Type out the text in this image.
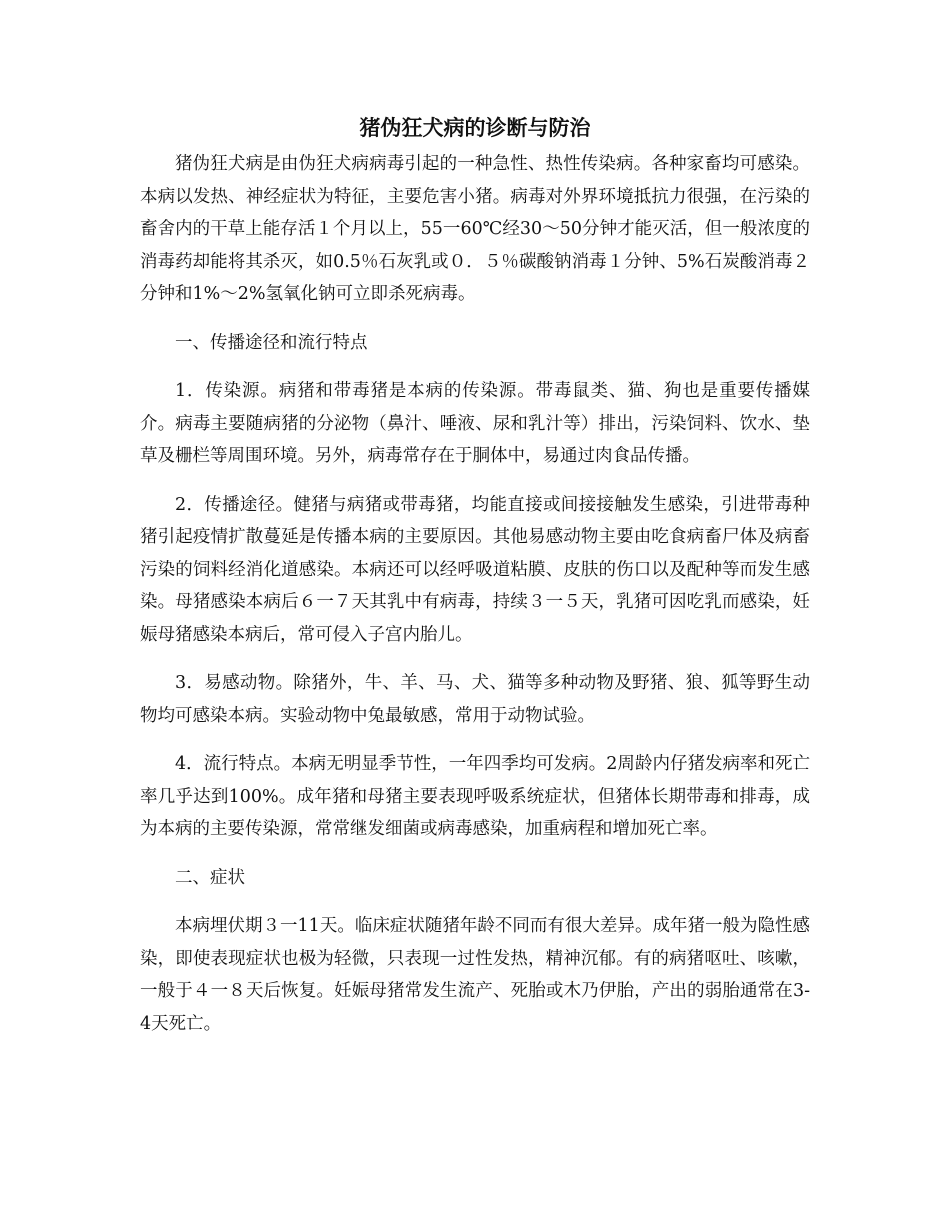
猪伪狂犬病的诊断与防治

猪伪狂犬病是由伪狂犬病病毒引起的一种急性、热性传染病。各种家畜均可感染。本病以发热、神经症状为特征，主要危害小猪。病毒对外界环境抵抗力很强，在污染的畜舍内的干草上能存活１个月以上，55一60℃经30～50分钟才能灭活，但一般浓度的消毒药却能将其杀灭，如0.5％石灰乳或０．５％碳酸钠消毒１分钟、5%石炭酸消毒２分钟和1%～2%氢氧化钠可立即杀死病毒。

一、传播途径和流行特点

1．传染源。病猪和带毒猪是本病的传染源。带毒鼠类、猫、狗也是重要传播媒介。病毒主要随病猪的分泌物（鼻汁、唾液、尿和乳汁等）排出，污染饲料、饮水、垫草及栅栏等周围环境。另外，病毒常存在于胴体中，易通过肉食品传播。

2．传播途径。健猪与病猪或带毒猪，均能直接或间接接触发生感染，引进带毒种猪引起疫情扩散蔓延是传播本病的主要原因。其他易感动物主要由吃食病畜尸体及病畜污染的饲料经消化道感染。本病还可以经呼吸道粘膜、皮肤的伤口以及配种等而发生感染。母猪感染本病后６一７天其乳中有病毒，持续３一５天，乳猪可因吃乳而感染，妊娠母猪感染本病后，常可侵入子宫内胎儿。

3．易感动物。除猪外，牛、羊、马、犬、猫等多种动物及野猪、狼、狐等野生动物均可感染本病。实验动物中兔最敏感，常用于动物试验。

4．流行特点。本病无明显季节性，一年四季均可发病。2周龄内仔猪发病率和死亡率几乎达到100%。成年猪和母猪主要表现呼吸系统症状，但猪体长期带毒和排毒，成为本病的主要传染源，常常继发细菌或病毒感染，加重病程和增加死亡率。

二、症状

本病埋伏期３一11天。临床症状随猪年龄不同而有很大差异。成年猪一般为隐性感染，即使表现症状也极为轻微，只表现一过性发热，精神沉郁。有的病猪呕吐、咳嗽，一般于４一８天后恢复。妊娠母猪常发生流产、死胎或木乃伊胎，产出的弱胎通常在3-4天死亡。
